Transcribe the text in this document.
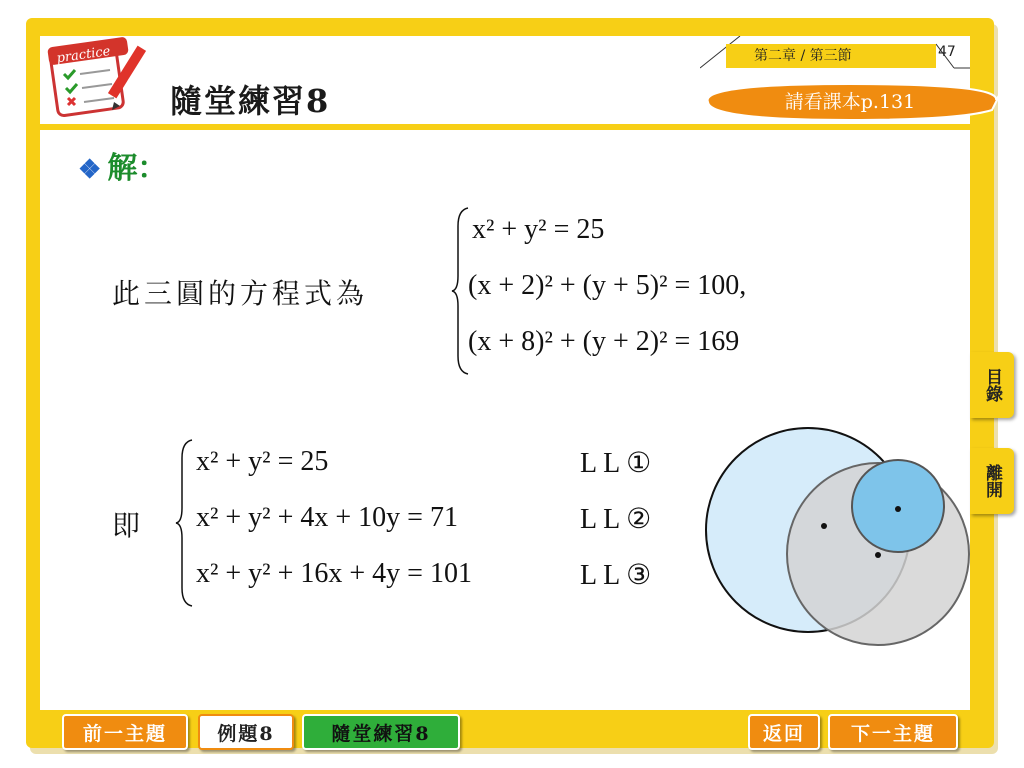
practice
隨堂練習8
第二章 / 第三節	47
請看課本p.131
❖ 解：
此三圓的方程式為
x² + y² = 25
(x + 2)² + (y + 5)² = 100,
(x + 8)² + (y + 2)² = 169
即
x² + y² = 25
x² + y² + 4x + 10y = 71
x² + y² + 16x + 4y = 101
L L ①
L L ②
L L ③
目錄
離開
前一主題	例題8	隨堂練習8	返回	下一主題
